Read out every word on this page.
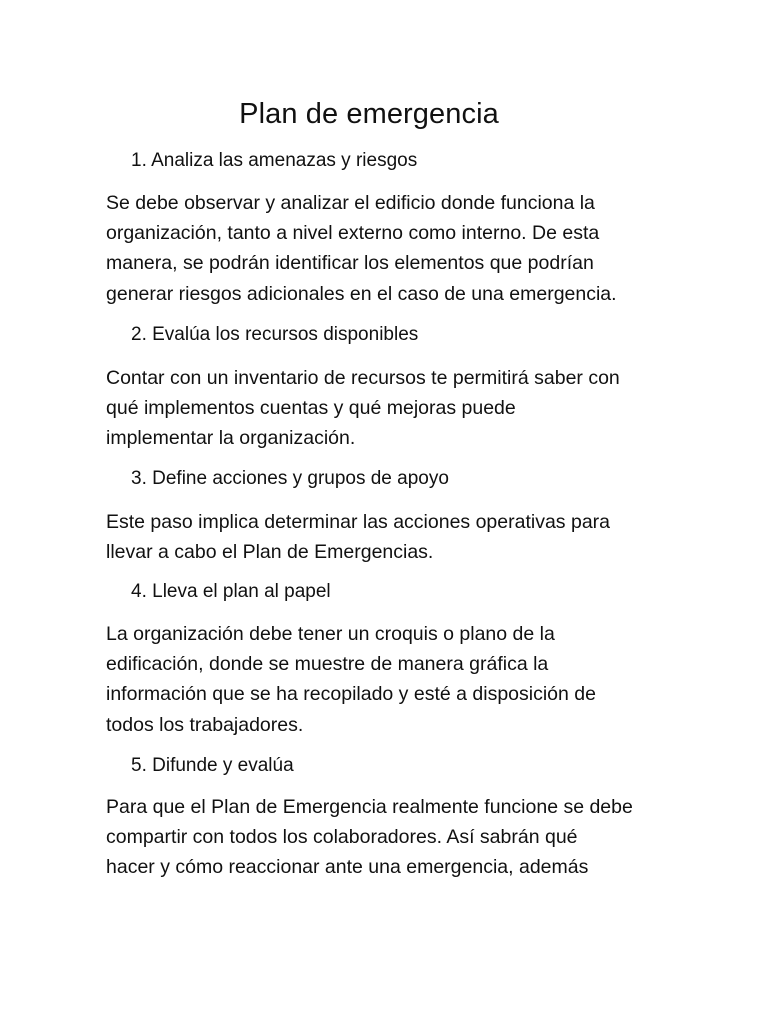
Plan de emergencia

1. Analiza las amenazas y riesgos

Se debe observar y analizar el edificio donde funciona la
organización, tanto a nivel externo como interno. De esta
manera, se podrán identificar los elementos que podrían
generar riesgos adicionales en el caso de una emergencia.

2. Evalúa los recursos disponibles

Contar con un inventario de recursos te permitirá saber con
qué implementos cuentas y qué mejoras puede
implementar la organización.

3. Define acciones y grupos de apoyo

Este paso implica determinar las acciones operativas para
llevar a cabo el Plan de Emergencias.

4. Lleva el plan al papel

La organización debe tener un croquis o plano de la
edificación, donde se muestre de manera gráfica la
información que se ha recopilado y esté a disposición de
todos los trabajadores.

5. Difunde y evalúa

Para que el Plan de Emergencia realmente funcione se debe
compartir con todos los colaboradores. Así sabrán qué
hacer y cómo reaccionar ante una emergencia, además
